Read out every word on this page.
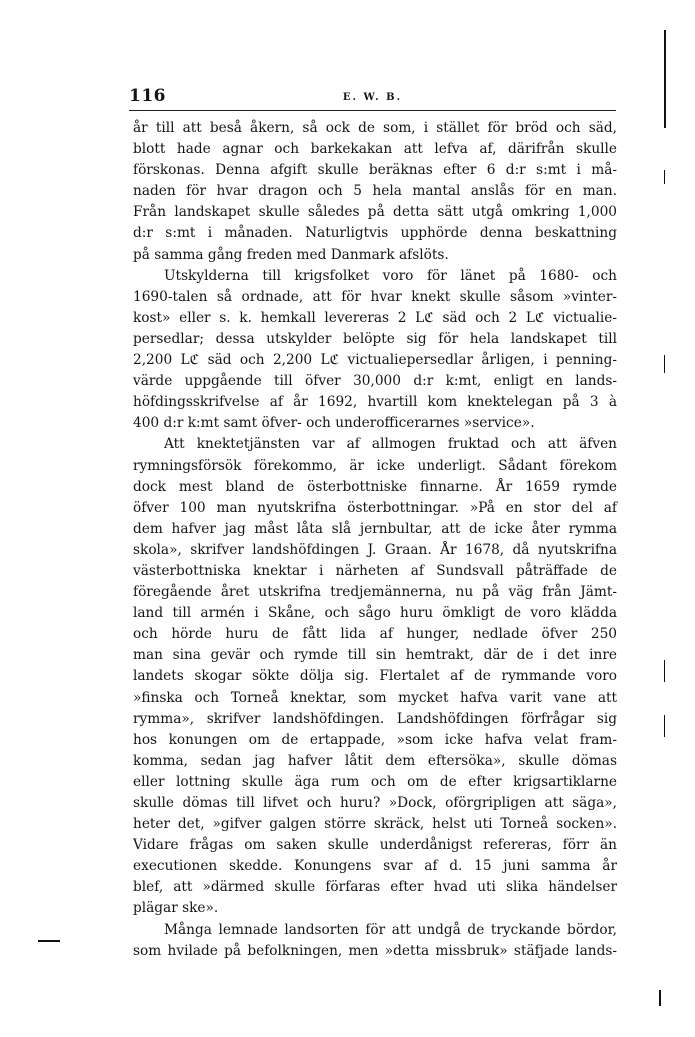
116	E. W. B.
år till att beså åkern, så ock de som, i stället för bröd och säd,
blott hade agnar och barkekakan att lefva af, därifrån skulle
förskonas. Denna afgift skulle beräknas efter 6 d:r s:mt i må-
naden för hvar dragon och 5 hela mantal anslås för en man.
Från landskapet skulle således på detta sätt utgå omkring 1,000
d:r s:mt i månaden. Naturligtvis upphörde denna beskattning
på samma gång freden med Danmark afslöts.
Utskylderna till krigsfolket voro för länet på 1680- och
1690-talen så ordnade, att för hvar knekt skulle såsom »vinter-
kost» eller s. k. hemkall levereras 2 Lℭ säd och 2 Lℭ victualie-
persedlar; dessa utskylder belöpte sig för hela landskapet till
2,200 Lℭ säd och 2,200 Lℭ victualiepersedlar årligen, i penning-
värde uppgående till öfver 30,000 d:r k:mt, enligt en lands-
höfdingsskrifvelse af år 1692, hvartill kom knektelegan på 3 à
400 d:r k:mt samt öfver- och underofficerarnes »service».
Att knektetjänsten var af allmogen fruktad och att äfven
rymningsförsök förekommo, är icke underligt. Sådant förekom
dock mest bland de österbottniske finnarne. År 1659 rymde
öfver 100 man nyutskrifna österbottningar. »På en stor del af
dem hafver jag måst låta slå jernbultar, att de icke åter rymma
skola», skrifver landshöfdingen J. Graan. År 1678, då nyutskrifna
västerbottniska knektar i närheten af Sundsvall påträffade de
föregående året utskrifna tredjemännerna, nu på väg från Jämt-
land till armén i Skåne, och sågo huru ömkligt de voro klädda
och hörde huru de fått lida af hunger, nedlade öfver 250
man sina gevär och rymde till sin hemtrakt, där de i det inre
landets skogar sökte dölja sig. Flertalet af de rymmande voro
»finska och Torneå knektar, som mycket hafva varit vane att
rymma», skrifver landshöfdingen. Landshöfdingen förfrågar sig
hos konungen om de ertappade, »som icke hafva velat fram-
komma, sedan jag hafver låtit dem eftersöka», skulle dömas
eller lottning skulle äga rum och om de efter krigsartiklarne
skulle dömas till lifvet och huru? »Dock, oförgripligen att säga»,
heter det, »gifver galgen större skräck, helst uti Torneå socken».
Vidare frågas om saken skulle underdånigst refereras, förr än
executionen skedde. Konungens svar af d. 15 juni samma år
blef, att »därmed skulle förfaras efter hvad uti slika händelser
plägar ske».
Många lemnade landsorten för att undgå de tryckande bördor,
som hvilade på befolkningen, men »detta missbruk» stäfjade lands-
